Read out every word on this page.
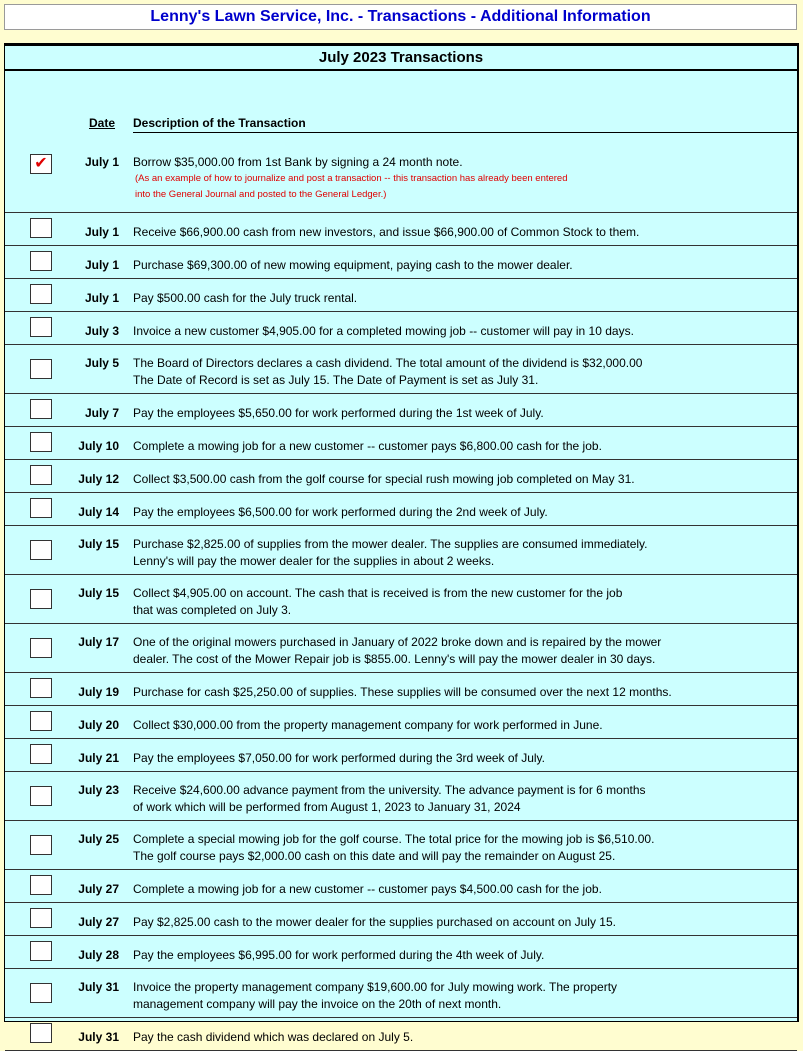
Lenny's Lawn Service, Inc. - Transactions - Additional Information
July 2023 Transactions
Date Description of the Transaction
✔	July 1 Borrow $35,000.00 from 1st Bank by signing a 24 month note.
(As an example of how to journalize and post a transaction -- this transaction has already been entered
into the General Journal and posted to the General Ledger.)
July 1 Receive $66,900.00 cash from new investors, and issue $66,900.00 of Common Stock to them.
July 1 Purchase $69,300.00 of new mowing equipment, paying cash to the mower dealer.
July 1 Pay $500.00 cash for the July truck rental.
July 3 Invoice a new customer $4,905.00 for a completed mowing job -- customer will pay in 10 days.
July 5 The Board of Directors declares a cash dividend. The total amount of the dividend is $32,000.00
The Date of Record is set as July 15. The Date of Payment is set as July 31.
July 7 Pay the employees $5,650.00 for work performed during the 1st week of July.
July 10 Complete a mowing job for a new customer -- customer pays $6,800.00 cash for the job.
July 12 Collect $3,500.00 cash from the golf course for special rush mowing job completed on May 31.
July 14 Pay the employees $6,500.00 for work performed during the 2nd week of July.
July 15 Purchase $2,825.00 of supplies from the mower dealer. The supplies are consumed immediately.
Lenny's will pay the mower dealer for the supplies in about 2 weeks.
July 15 Collect $4,905.00 on account. The cash that is received is from the new customer for the job
that was completed on July 3.
July 17 One of the original mowers purchased in January of 2022 broke down and is repaired by the mower
dealer. The cost of the Mower Repair job is $855.00. Lenny's will pay the mower dealer in 30 days.
July 19 Purchase for cash $25,250.00 of supplies. These supplies will be consumed over the next 12 months.
July 20 Collect $30,000.00 from the property management company for work performed in June.
July 21 Pay the employees $7,050.00 for work performed during the 3rd week of July.
July 23 Receive $24,600.00 advance payment from the university. The advance payment is for 6 months
of work which will be performed from August 1, 2023 to January 31, 2024
July 25 Complete a special mowing job for the golf course. The total price for the mowing job is $6,510.00.
The golf course pays $2,000.00 cash on this date and will pay the remainder on August 25.
July 27 Complete a mowing job for a new customer -- customer pays $4,500.00 cash for the job.
July 27 Pay $2,825.00 cash to the mower dealer for the supplies purchased on account on July 15.
July 28 Pay the employees $6,995.00 for work performed during the 4th week of July.
July 31 Invoice the property management company $19,600.00 for July mowing work. The property
management company will pay the invoice on the 20th of next month.
July 31 Pay the cash dividend which was declared on July 5.
